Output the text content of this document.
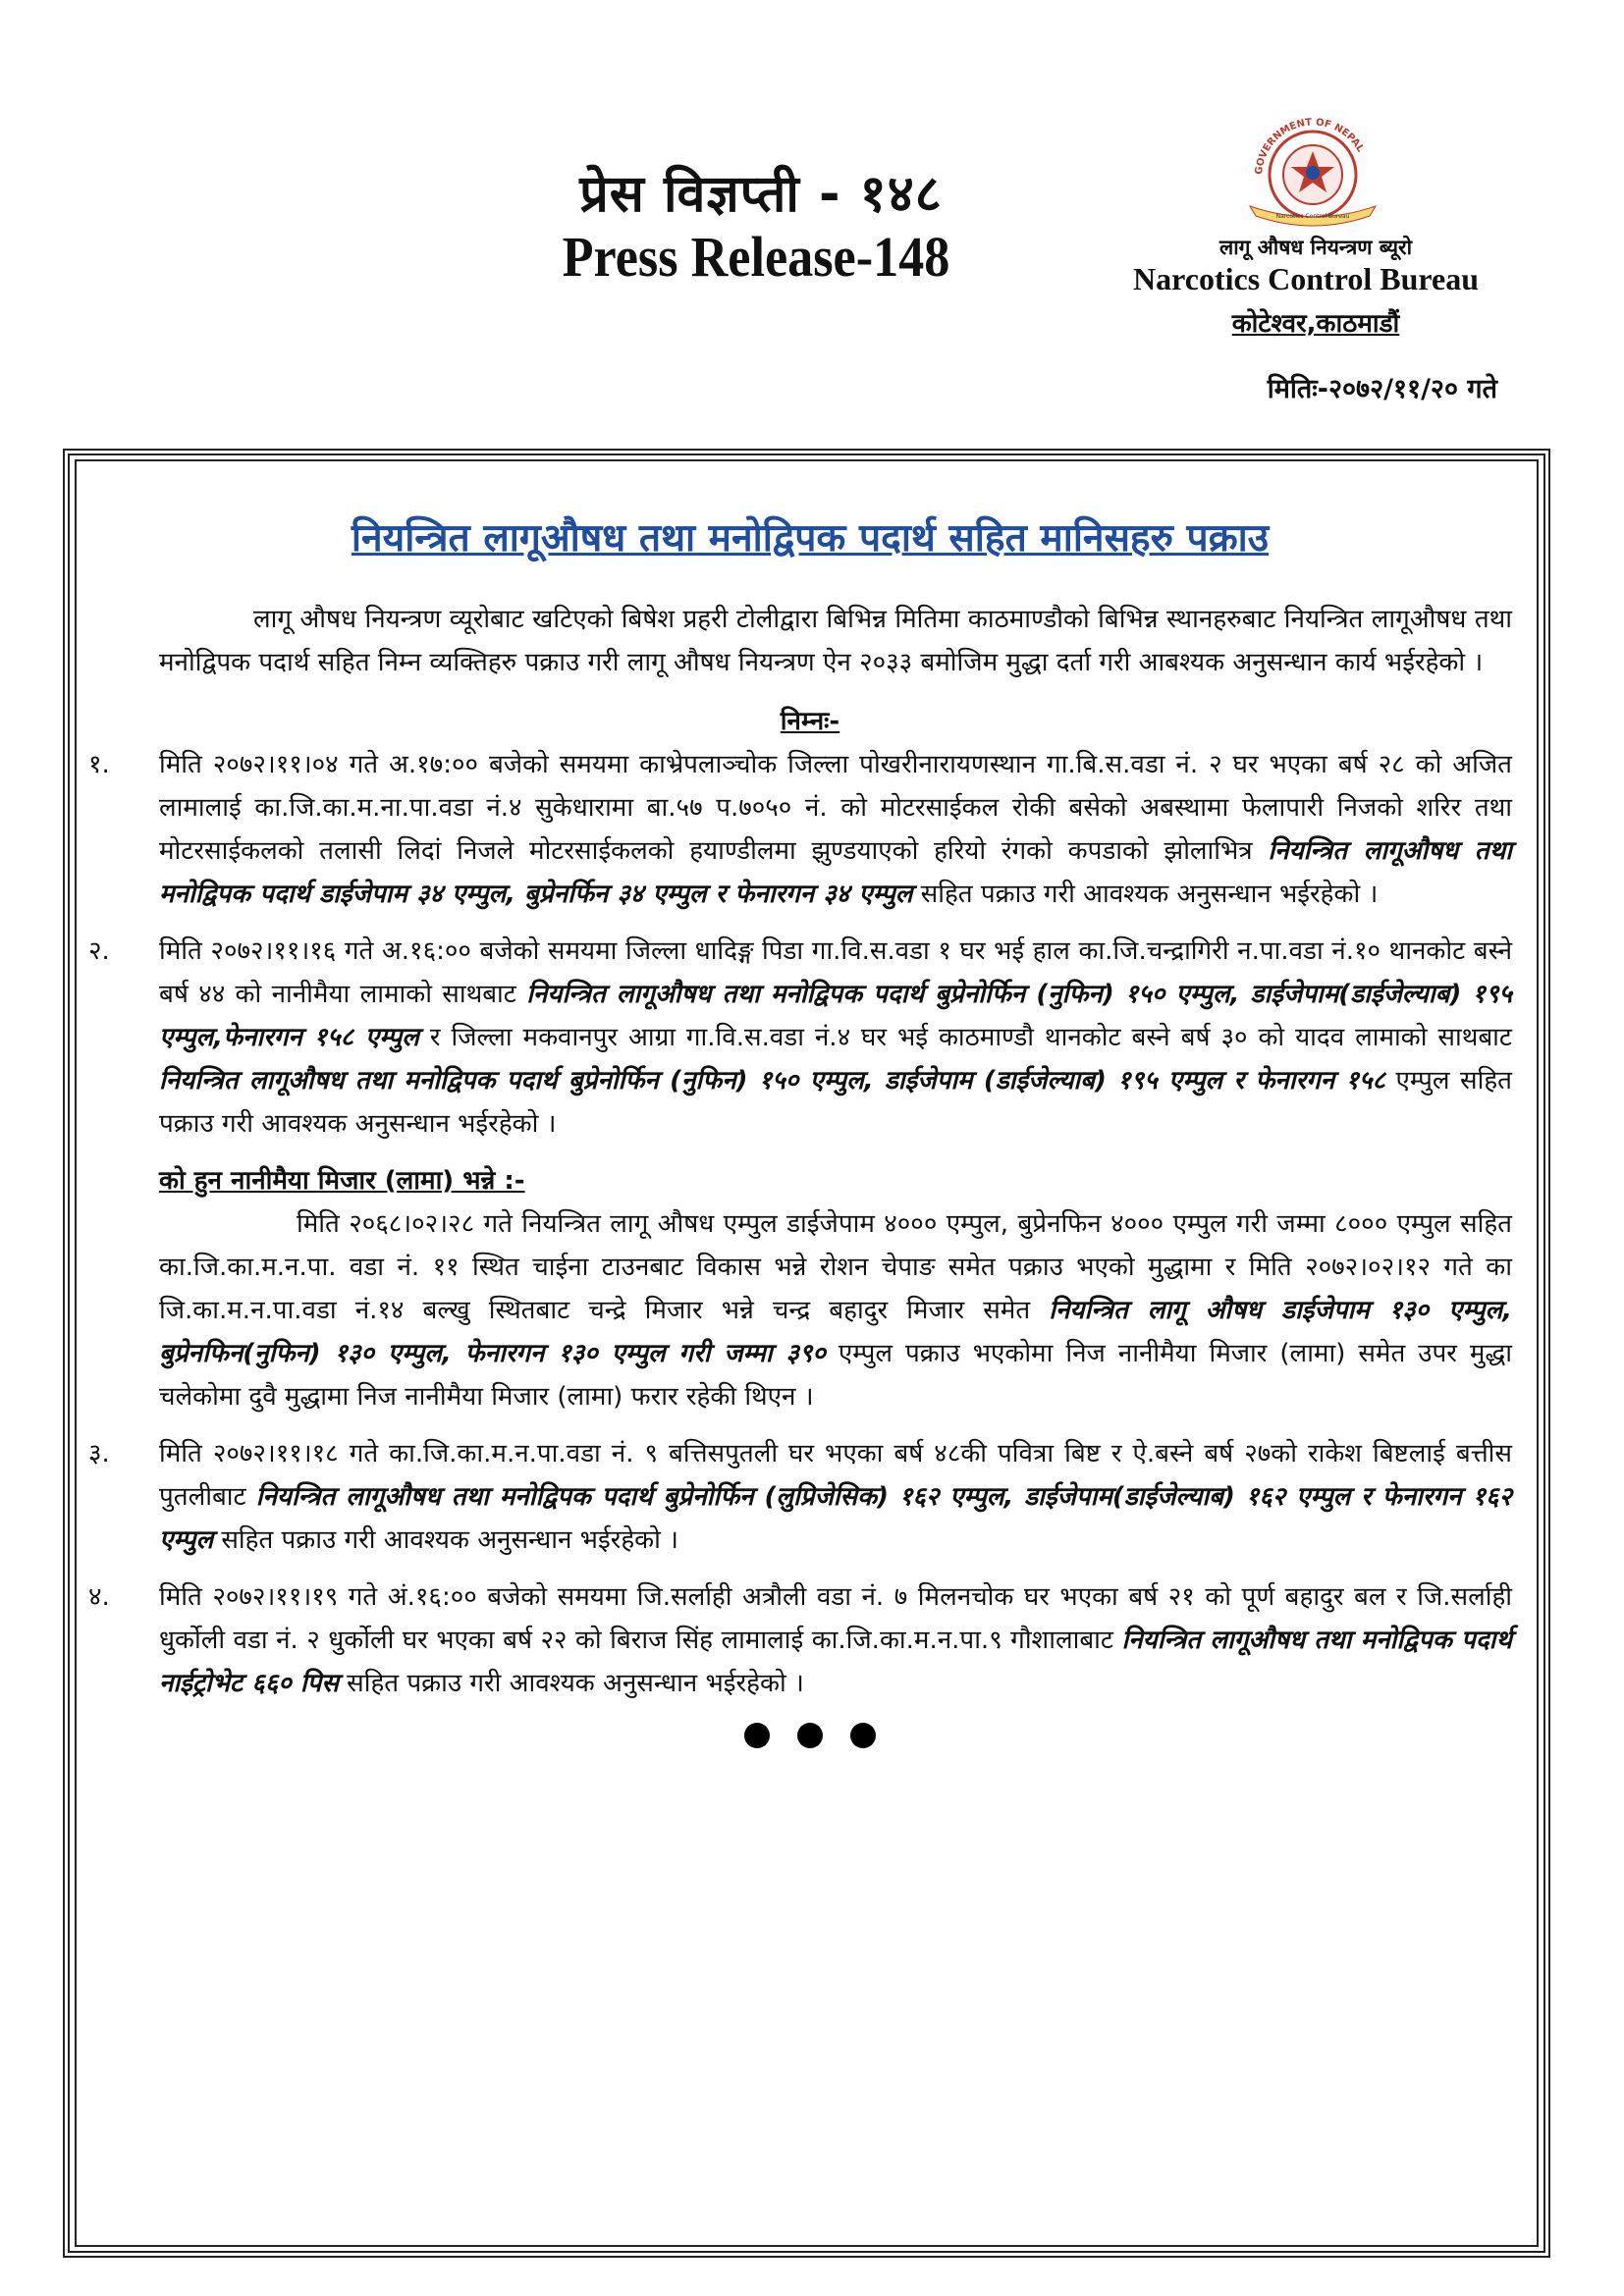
प्रेस विज्ञप्ती - १४८
Press Release-148
GOVERNMENT OF NEPAL
Narcotics Control Bureau
लागू औषध नियन्त्रण ब्यूरो
Narcotics Control Bureau
कोटेश्वर,काठमाडौं
मितिः-२०७२/११/२० गते
नियन्त्रित लागूऔषध तथा मनोद्विपक पदार्थ सहित मानिसहरु पक्राउ

लागू औषध नियन्त्रण व्यूरोबाट खटिएको बिषेश प्रहरी टोलीद्वारा बिभिन्न मितिमा काठमाण्डौको बिभिन्न स्थानहरुबाट नियन्त्रित लागूऔषध तथा मनोद्विपक पदार्थ सहित निम्न व्यक्तिहरु पक्राउ गरी लागू औषध नियन्त्रण ऐन २०३३ बमोजिम मुद्धा दर्ता गरी आबश्यक अनुसन्धान कार्य भईरहेको ।

निम्नः-
१.	मिति २०७२।११।०४ गते अ.१७:०० बजेको समयमा काभ्रेपलाञ्चोक जिल्ला पोखरीनारायणस्थान गा.बि.स.वडा नं. २ घर भएका बर्ष २८ को अजित लामालाई का.जि.का.म.ना.पा.वडा नं.४ सुकेधारामा बा.५७ प.७०५० नं. को मोटरसाईकल रोकी बसेको अबस्थामा फेलापारी निजको शरिर तथा मोटरसाईकलको तलासी लिदां निजले मोटरसाईकलको हयाण्डीलमा झुण्डयाएको हरियो रंगको कपडाको झोलाभित्र नियन्त्रित लागूऔषध तथा मनोद्विपक पदार्थ डाईजेपाम ३४ एम्पुल, बुप्रेनर्फिन ३४ एम्पुल र फेनारगन ३४ एम्पुल सहित पक्राउ गरी आवश्यक अनुसन्धान भईरहेको ।

२.	मिति २०७२।११।१६ गते अ.१६:०० बजेको समयमा जिल्ला धादिङ्ग पिडा गा.वि.स.वडा १ घर भई हाल का.जि.चन्द्रागिरी न.पा.वडा नं.१० थानकोट बस्ने बर्ष ४४ को नानीमैया लामाको साथबाट नियन्त्रित लागूऔषध तथा मनोद्विपक पदार्थ बुप्रेनोर्फिन (नुफिन) १५० एम्पुल, डाईजेपाम(डाईजेल्याब) १९५ एम्पुल,फेनारगन १५८ एम्पुल र जिल्ला मकवानपुर आग्रा गा.वि.स.वडा नं.४ घर भई काठमाण्डौ थानकोट बस्ने बर्ष ३० को यादव लामाको साथबाट नियन्त्रित लागूऔषध तथा मनोद्विपक पदार्थ बुप्रेनोर्फिन (नुफिन) १५० एम्पुल, डाईजेपाम (डाईजेल्याब) १९५ एम्पुल र फेनारगन १५८ एम्पुल सहित पक्राउ गरी आवश्यक अनुसन्धान भईरहेको ।

को हुन नानीमैया मिजार (लामा) भन्ने :-

मिति २०६८।०२।२८ गते नियन्त्रित लागू औषध एम्पुल डाईजेपाम ४००० एम्पुल, बुप्रेनफिन ४००० एम्पुल गरी जम्मा ८००० एम्पुल सहित का.जि.का.म.न.पा. वडा नं. ११ स्थित चाईना टाउनबाट विकास भन्ने रोशन चेपाङ समेत पक्राउ भएको मुद्धामा र मिति २०७२।०२।१२ गते का जि.का.म.न.पा.वडा नं.१४ बल्खु स्थितबाट चन्द्रे मिजार भन्ने चन्द्र बहादुर मिजार समेत नियन्त्रित लागू औषध डाईजेपाम १३० एम्पुल, बुप्रेनफिन(नुफिन) १३० एम्पुल, फेनारगन १३० एम्पुल गरी जम्मा ३९० एम्पुल पक्राउ भएकोमा निज नानीमैया मिजार (लामा) समेत उपर मुद्धा चलेकोमा दुवै मुद्धामा निज नानीमैया मिजार (लामा) फरार रहेकी थिएन ।

३.	मिति २०७२।११।१८ गते का.जि.का.म.न.पा.वडा नं. ९ बत्तिसपुतली घर भएका बर्ष ४८की पवित्रा बिष्ट र ऐ.बस्ने बर्ष २७को राकेश बिष्टलाई बत्तीस पुतलीबाट नियन्त्रित लागूऔषध तथा मनोद्विपक पदार्थ बुप्रेनोर्फिन (लुप्रिजेसिक) १६२ एम्पुल, डाईजेपाम(डाईजेल्याब) १६२ एम्पुल र फेनारगन १६२ एम्पुल सहित पक्राउ गरी आवश्यक अनुसन्धान भईरहेको ।

४.	मिति २०७२।११।१९ गते अं.१६:०० बजेको समयमा जि.सर्लाही अत्रौली वडा नं. ७ मिलनचोक घर भएका बर्ष २१ को पूर्ण बहादुर बल र जि.सर्लाही धुर्कोली वडा नं. २ धुर्कोली घर भएका बर्ष २२ को बिराज सिंह लामालाई का.जि.का.म.न.पा.९ गौशालाबाट नियन्त्रित लागूऔषध तथा मनोद्विपक पदार्थ नाईट्रोभेट ६६० पिस सहित पक्राउ गरी आवश्यक अनुसन्धान भईरहेको ।
